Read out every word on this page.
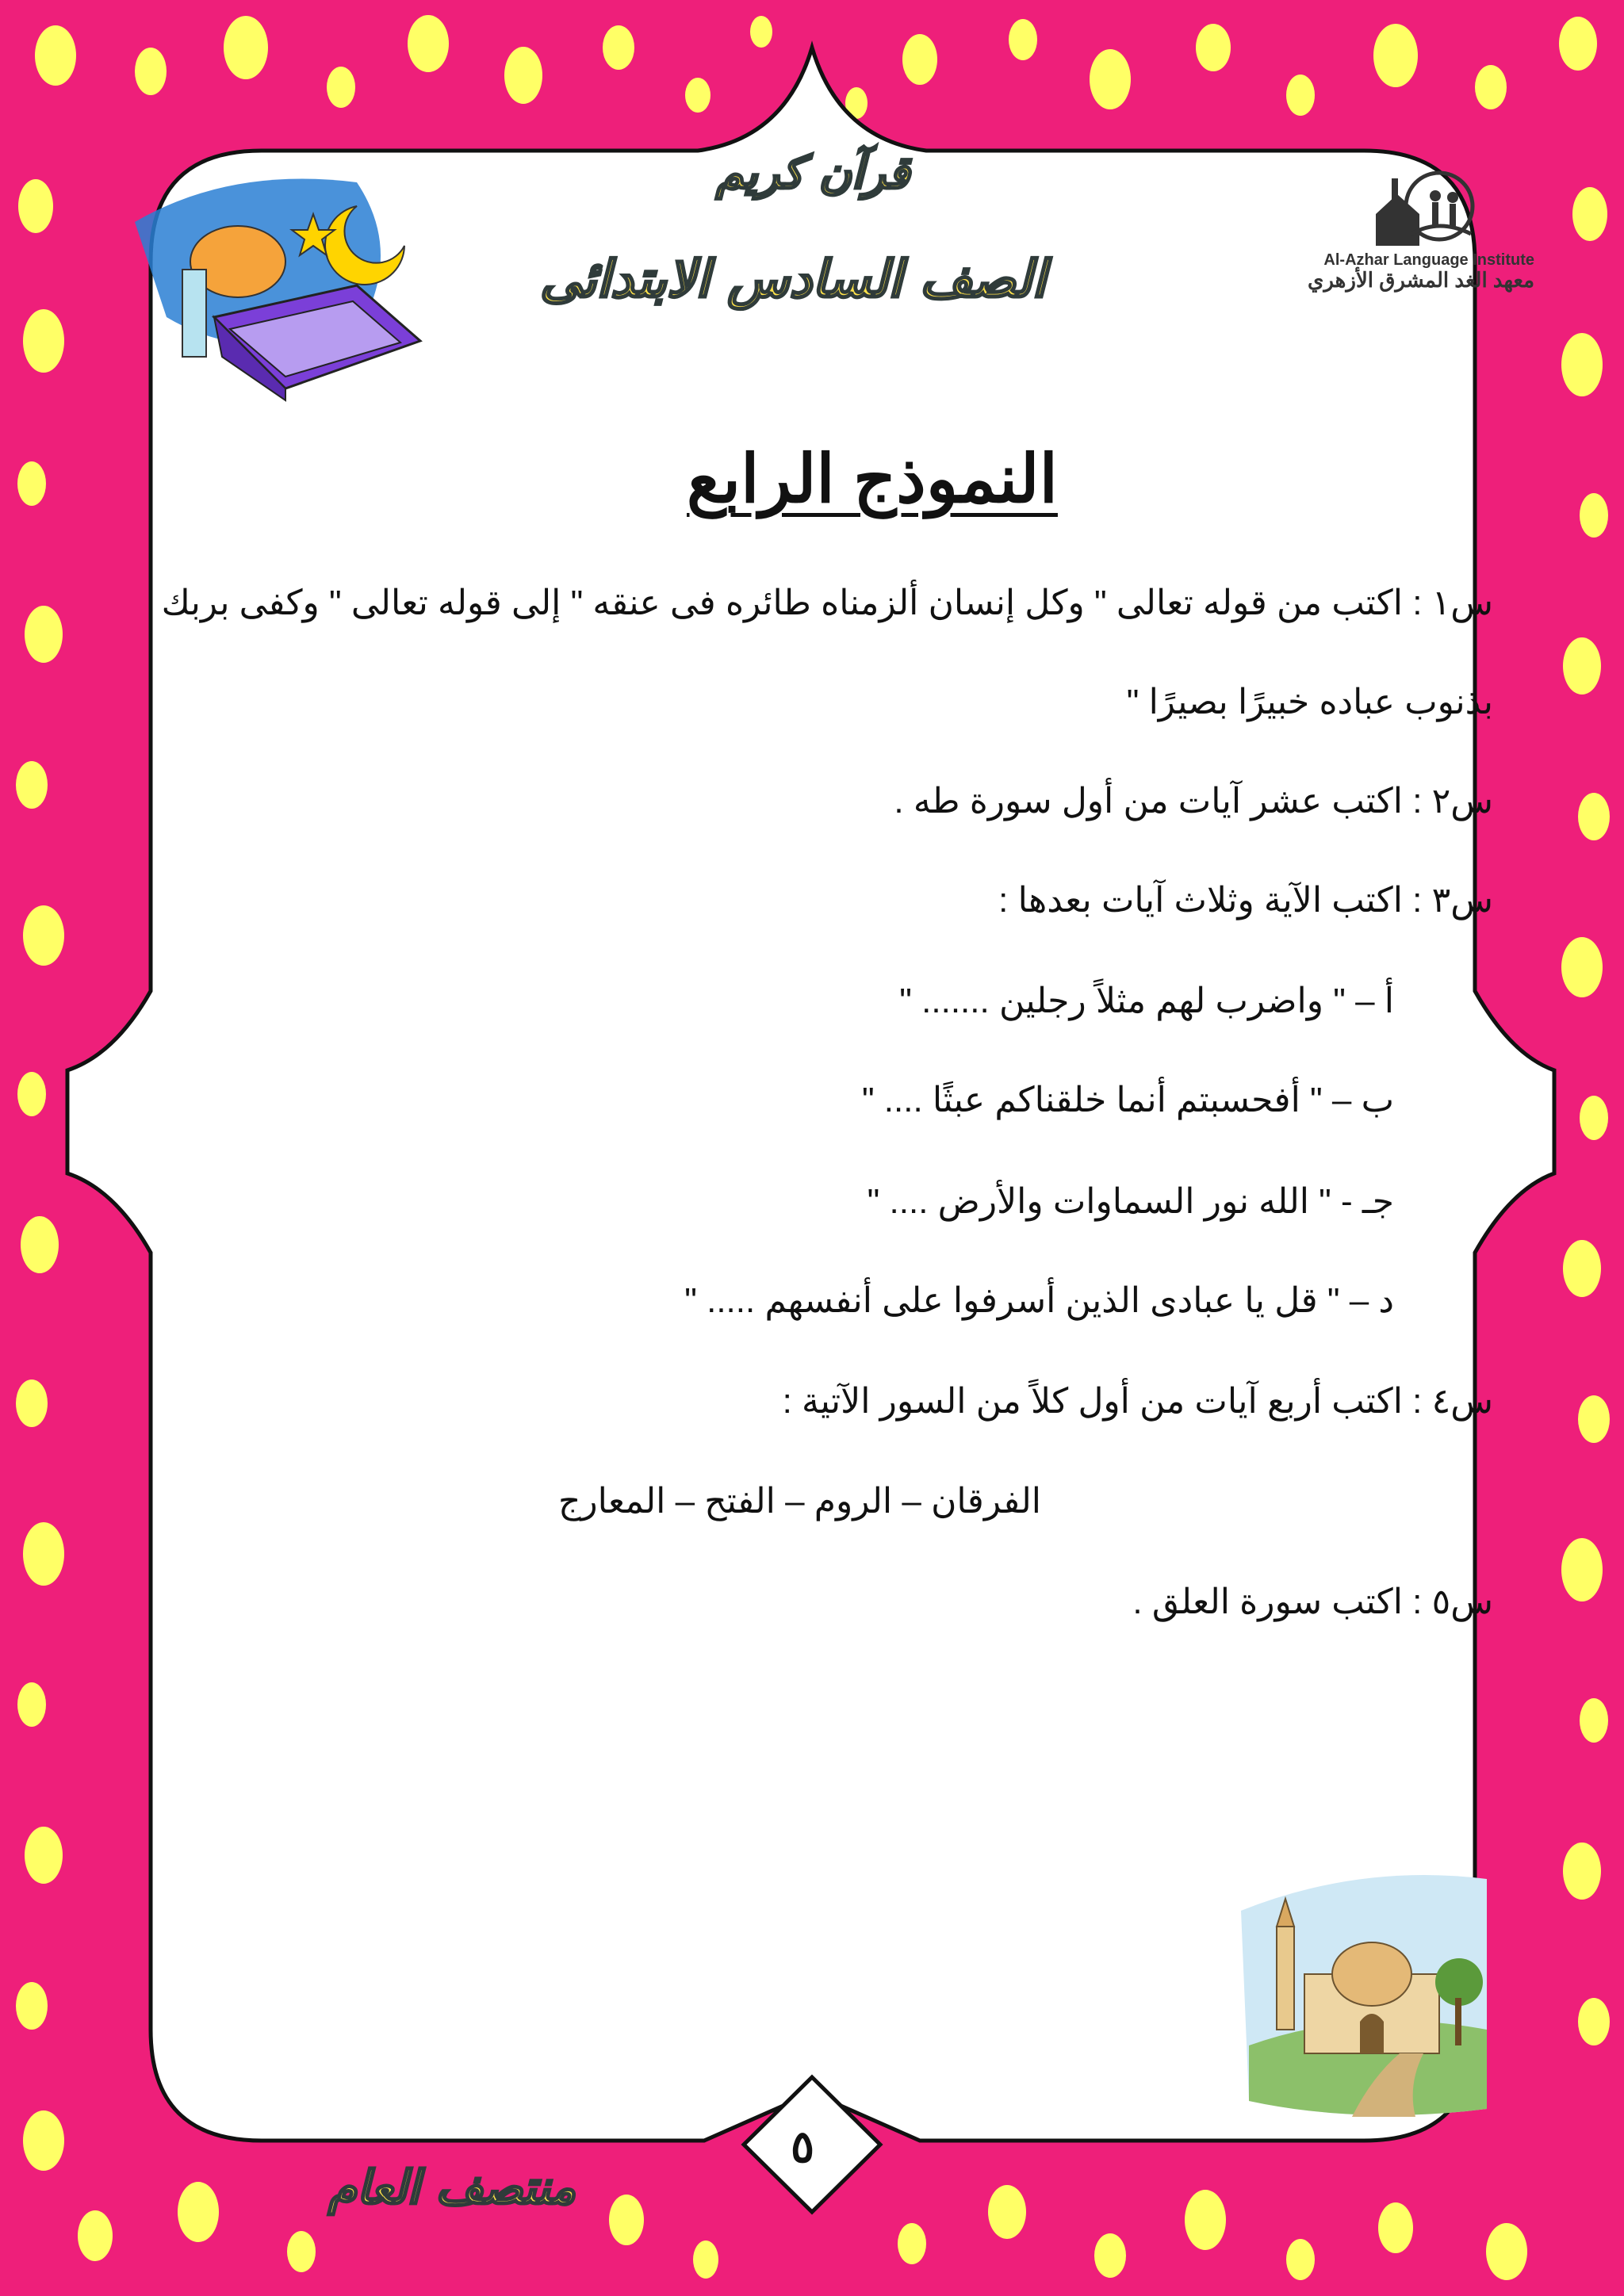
Al-Azhar Language Institute
معهد الغد المشرق الأزهري
قرآن كريم
الصف السادس الابتدائى
النموذج الرابع
س١ : اكتب من قوله تعالى " وكل إنسان ألزمناه طائره فى عنقه " إلى قوله تعالى " وكفى بربك
بذنوب عباده خبيرًا بصيرًا "
س٢ : اكتب عشر آيات من أول سورة طه .
س٣ : اكتب الآية وثلاث آيات بعدها :
أ – " واضرب لهم مثلاً رجلين ....... "
ب – " أفحسبتم أنما خلقناكم عبثًا .... "
جـ - " الله نور السماوات والأرض .... "
د – " قل يا عبادى الذين أسرفوا على أنفسهم ..... "
س٤ : اكتب أربع آيات من أول كلاً من السور الآتية :
الفرقان – الروم – الفتح – المعارج
س٥ : اكتب سورة العلق .
٥
منتصف العام
